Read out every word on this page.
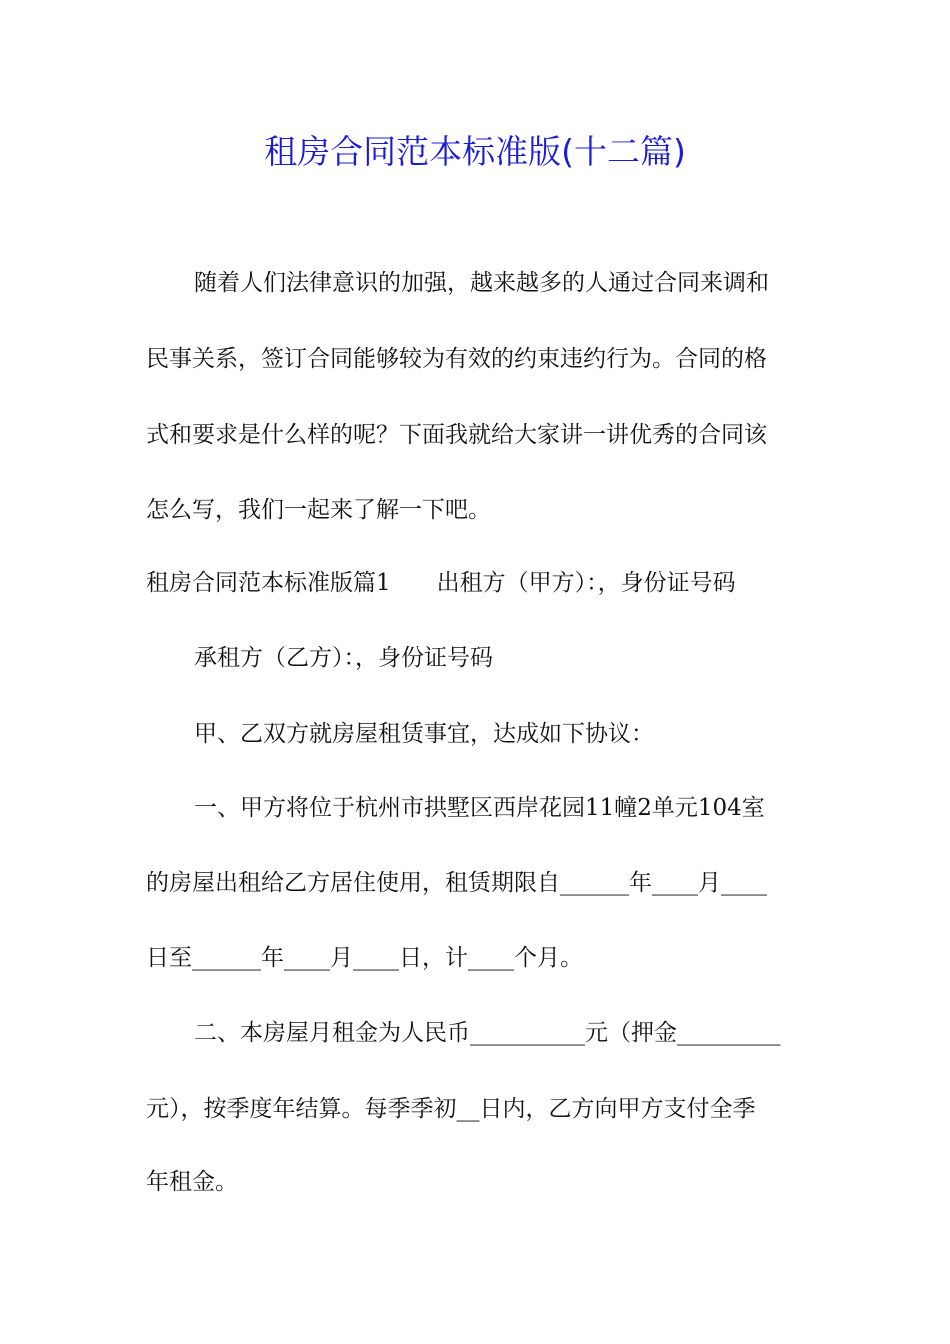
租房合同范本标准版(十二篇)
随着人们法律意识的加强，越来越多的人通过合同来调和
民事关系，签订合同能够较为有效的约束违约行为。合同的格
式和要求是什么样的呢？下面我就给大家讲一讲优秀的合同该
怎么写，我们一起来了解一下吧。
租房合同范本标准版篇1　　出租方（甲方）：，身份证号码
承租方（乙方）：，身份证号码
甲、乙双方就房屋租赁事宜，达成如下协议：
一、甲方将位于杭州市拱墅区西岸花园11幢2单元104室
的房屋出租给乙方居住使用，租赁期限自______年____月____
日至______年____月____日，计____个月。
二、本房屋月租金为人民币__________元（押金_________
元），按季度年结算。每季季初__日内，乙方向甲方支付全季
年租金。
